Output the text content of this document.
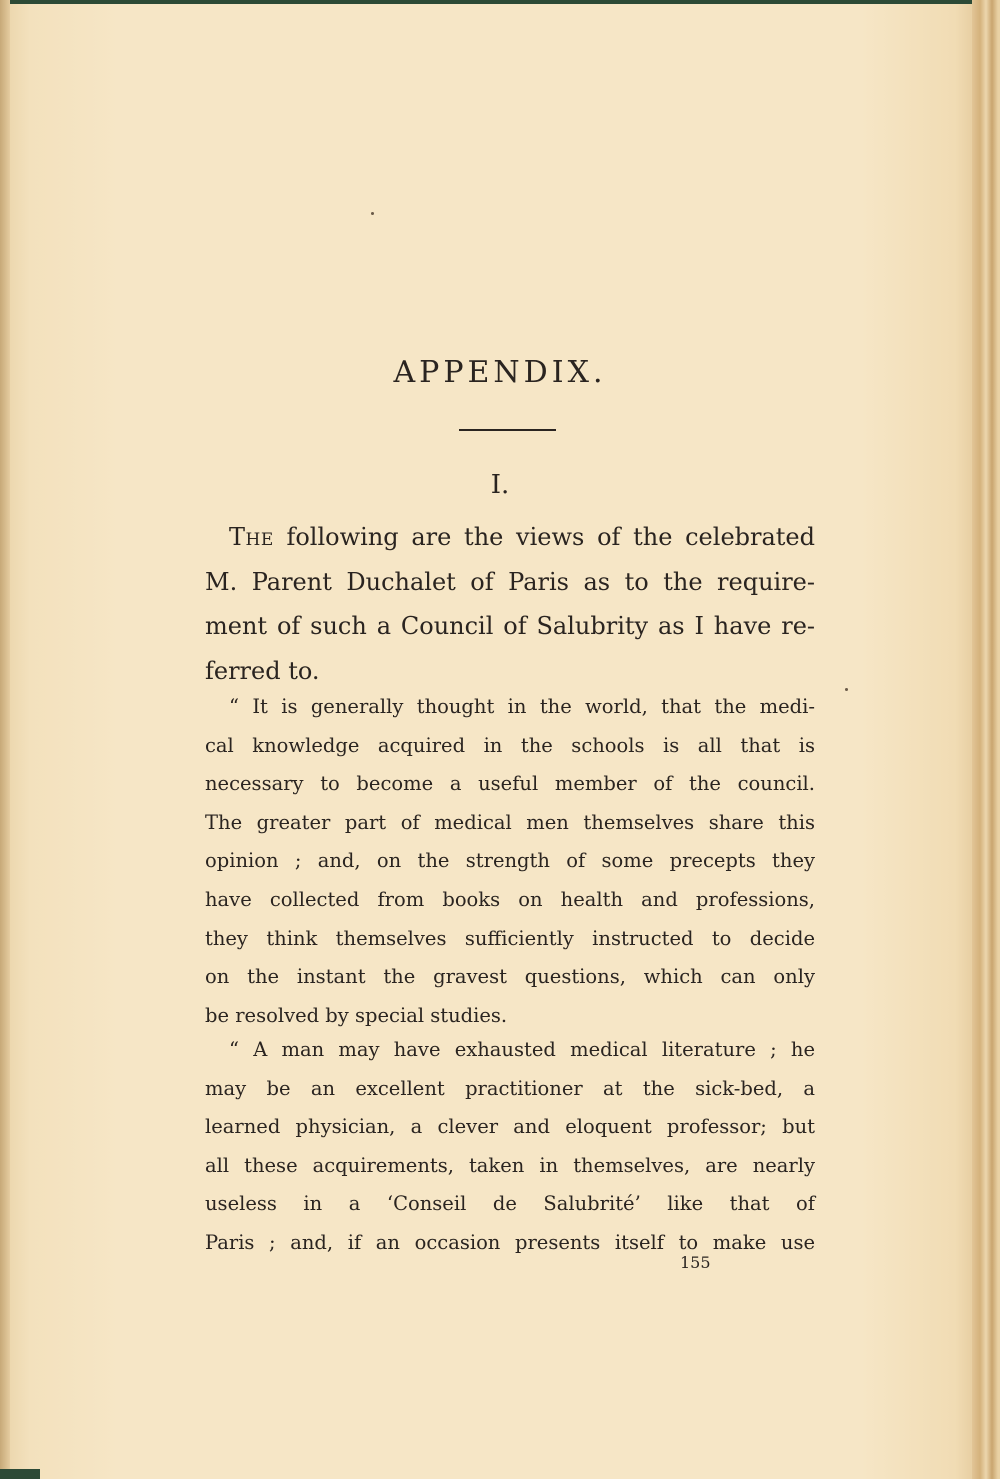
APPENDIX.
I.
The following are the views of the celebrated
M. Parent Duchalet of Paris as to the require-
ment of such a Council of Salubrity as I have re-
ferred to.
“ It is generally thought in the world, that the medi-
cal knowledge acquired in the schools is all that is
necessary to become a useful member of the council.
The greater part of medical men themselves share this
opinion ; and, on the strength of some precepts they
have collected from books on health and professions,
they think themselves sufficiently instructed to decide
on the instant the gravest questions, which can only
be resolved by special studies.
“ A man may have exhausted medical literature ; he
may be an excellent practitioner at the sick-bed, a
learned physician, a clever and eloquent professor; but
all these acquirements, taken in themselves, are nearly
useless in a ‘Conseil de Salubrité’ like that of
Paris ; and, if an occasion presents itself to make use
155
